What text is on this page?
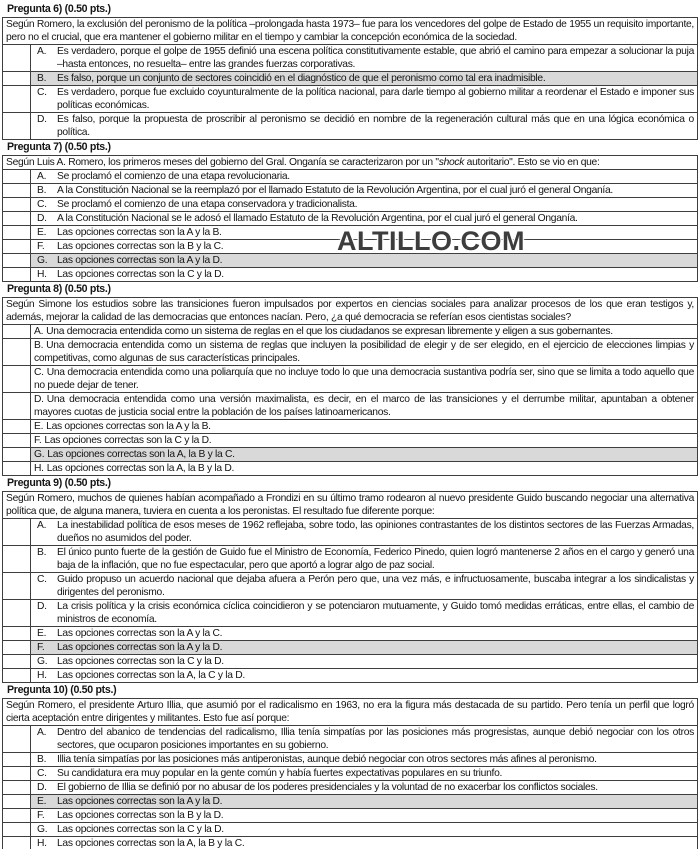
ALTILLO.COM
Pregunta 6) (0.50 pts.)
Según Romero, la exclusión del peronismo de la política –prolongada hasta 1973– fue para los vencedores del golpe de Estado de 1955 un requisito importante, pero no el crucial, que era mantener el gobierno militar en el tiempo y cambiar la concepción económica de la sociedad.
A.	Es verdadero, porque el golpe de 1955 definió una escena política constitutivamente estable, que abrió el camino para empezar a solucionar la puja –hasta entonces, no resuelta– entre las grandes fuerzas corporativas.
B.	Es falso, porque un conjunto de sectores coincidió en el diagnóstico de que el peronismo como tal era inadmisible.
C. Es verdadero, porque fue excluido coyunturalmente de la política nacional, para darle tiempo al gobierno militar a reordenar el Estado e imponer sus políticas económicas.
D. Es falso, porque la propuesta de proscribir al peronismo se decidió en nombre de la regeneración cultural más que en una lógica económica o política.
Pregunta 7) (0.50 pts.)
Según Luis A. Romero, los primeros meses del gobierno del Gral. Onganía se caracterizaron por un "shock autoritario". Esto se vio en que:
A.	Se proclamó el comienzo de una etapa revolucionaria.
B.	A la Constitución Nacional se la reemplazó por el llamado Estatuto de la Revolución Argentina, por el cual juró el general Onganía.
C. Se proclamó el comienzo de una etapa conservadora y tradicionalista.
D. A la Constitución Nacional se le adosó el llamado Estatuto de la Revolución Argentina, por el cual juró el general Onganía.
E.	Las opciones correctas son la A y la B.
F.	Las opciones correctas son la B y la C.
G. Las opciones correctas son la A y la D.
H. Las opciones correctas son la C y la D.
Pregunta 8) (0.50 pts.)
Según Simone los estudios sobre las transiciones fueron impulsados por expertos en ciencias sociales para analizar procesos de los que eran testigos y, además, mejorar la calidad de las democracias que entonces nacían. Pero, ¿a qué democracia se referían esos cientistas sociales?
A. Una democracia entendida como un sistema de reglas en el que los ciudadanos se expresan libremente y eligen a sus gobernantes.
B. Una democracia entendida como un sistema de reglas que incluyen la posibilidad de elegir y de ser elegido, en el ejercicio de elecciones limpias y competitivas, como algunas de sus características principales.
C. Una democracia entendida como una poliarquía que no incluye todo lo que una democracia sustantiva podría ser, sino que se limita a todo aquello que no puede dejar de tener.
D. Una democracia entendida como una versión maximalista, es decir, en el marco de las transiciones y el derrumbe militar, apuntaban a obtener mayores cuotas de justicia social entre la población de los países latinoamericanos.
E. Las opciones correctas son la A y la B.
F. Las opciones correctas son la C y la D.
G. Las opciones correctas son la A, la B y la C.
H. Las opciones correctas son la A, la B y la D.
Pregunta 9) (0.50 pts.)
Según Romero, muchos de quienes habían acompañado a Frondizi en su último tramo rodearon al nuevo presidente Guido buscando negociar una alternativa política que, de alguna manera, tuviera en cuenta a los peronistas. El resultado fue diferente porque:
A.	La inestabilidad política de esos meses de 1962 reflejaba, sobre todo, las opiniones contrastantes de los distintos sectores de las Fuerzas Armadas, dueños no asumidos del poder.
B.	El único punto fuerte de la gestión de Guido fue el Ministro de Economía, Federico Pinedo, quien logró mantenerse 2 años en el cargo y generó una baja de la inflación, que no fue espectacular, pero que aportó a lograr algo de paz social.
C. Guido propuso un acuerdo nacional que dejaba afuera a Perón pero que, una vez más, e infructuosamente, buscaba integrar a los sindicalistas y dirigentes del peronismo.
D. La crisis política y la crisis económica cíclica coincidieron y se potenciaron mutuamente, y Guido tomó medidas erráticas, entre ellas, el cambio de ministros de economía.
E.	Las opciones correctas son la A y la C.
F.	Las opciones correctas son la A y la D.
G. Las opciones correctas son la C y la D.
H. Las opciones correctas son la A, la C y la D.
Pregunta 10) (0.50 pts.)
Según Romero, el presidente Arturo Illia, que asumió por el radicalismo en 1963, no era la figura más destacada de su partido. Pero tenía un perfil que logró cierta aceptación entre dirigentes y militantes. Esto fue así porque:
A.	Dentro del abanico de tendencias del radicalismo, Illia tenía simpatías por las posiciones más progresistas, aunque debió negociar con los otros sectores, que ocuparon posiciones importantes en su gobierno.
B.	Illia tenía simpatías por las posiciones más antiperonistas, aunque debió negociar con otros sectores más afines al peronismo.
C. Su candidatura era muy popular en la gente común y había fuertes expectativas populares en su triunfo.
D. El gobierno de Illia se definió por no abusar de los poderes presidenciales y la voluntad de no exacerbar los conflictos sociales.
E.	Las opciones correctas son la A y la D.
F.	Las opciones correctas son la B y la D.
G. Las opciones correctas son la C y la D.
H. Las opciones correctas son la A, la B y la C.
